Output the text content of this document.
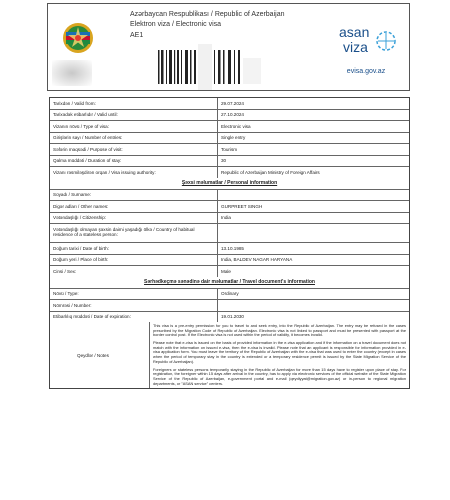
Azərbaycan Respublikası / Republic of Azerbaijan
Elektron viza / Electronic visa
AE1	asan
viza
evisa.gov.az
Tarixdən / Valid from:	29.07.2024
Tarixədək etibarlıdır / Valid until:	27.10.2024
Vizanın növü / Type of visa:	Electronic visa
Girişlərin sayı / Number of entries:	Single entry
Səfərin məqsədi / Purpose of visit:	Tourism
Qalma müddəti / Duration of stay:	30
Vizanı rəsmiləşdirən orqan / Visa issuing authority:	Republic of Azerbaijan Ministry of Foreign Affairs
Şəxsi məlumatlar / Personal information
Soyadı / Surname:
Digər adları / Other names:	GURPREET SINGH
Vətəndaşlığı / Citizenship:	India
Vətəndaşlığı olmayan şəxsin daimi yaşadığı ölkə / Country of habitual residence of a stateless person:
Doğum tarixi / Date of birth:	13.10.1985
Doğum yeri / Place of birth:	India, BALDEV NAGAR HARYANA
Cinsi / Sex:	Male
Sərhədkeçmə sənədinə dair məlumatlar / Travel document's information
Növü / Type:	Ordinary
Nömrəsi / Number:
Etibarlılıq müddəti / Date of expiration:	19.01.2030
Qeydlər / Notes

This visa is a pre-entry permission for you to travel to and seek entry, into the Republic of Azerbaijan. The entry may be refused in the cases prescribed by the Migration Code of Republic of Azerbaijan. Electronic visa is not linked to passport and must be presented with passport at the border control post. If the Electronic visa is not used within the period of validity, it becomes invalid.

Please note that e-visa is issued on the basis of provided information in the e-visa application and if the information on a travel document does not match with the information on issued e-visa, then the e-visa is invalid. Please note that an applicant is responsible for information provided in e-visa application form. You must leave the territory of the Republic of Azerbaijan with the e-visa that was used to enter the country (except in cases when the period of temporary stay in the country is extended or a temporary residence permit is issued by the State Migration Service of the Republic of Azerbaijan).

Foreigners or stateless persons temporarily staying in the Republic of Azerbaijan for more than 15 days have to register upon place of stay. For registration, the foreigner within 15 days after arrival in the country, has to apply via electronic services of the official website of the State Migration Service of the Republic of Azerbaijan, e-government portal and e-mail (qeydiyyat@migration.gov.az) or in-person to regional migration departments, or "ASAN service" centers.
